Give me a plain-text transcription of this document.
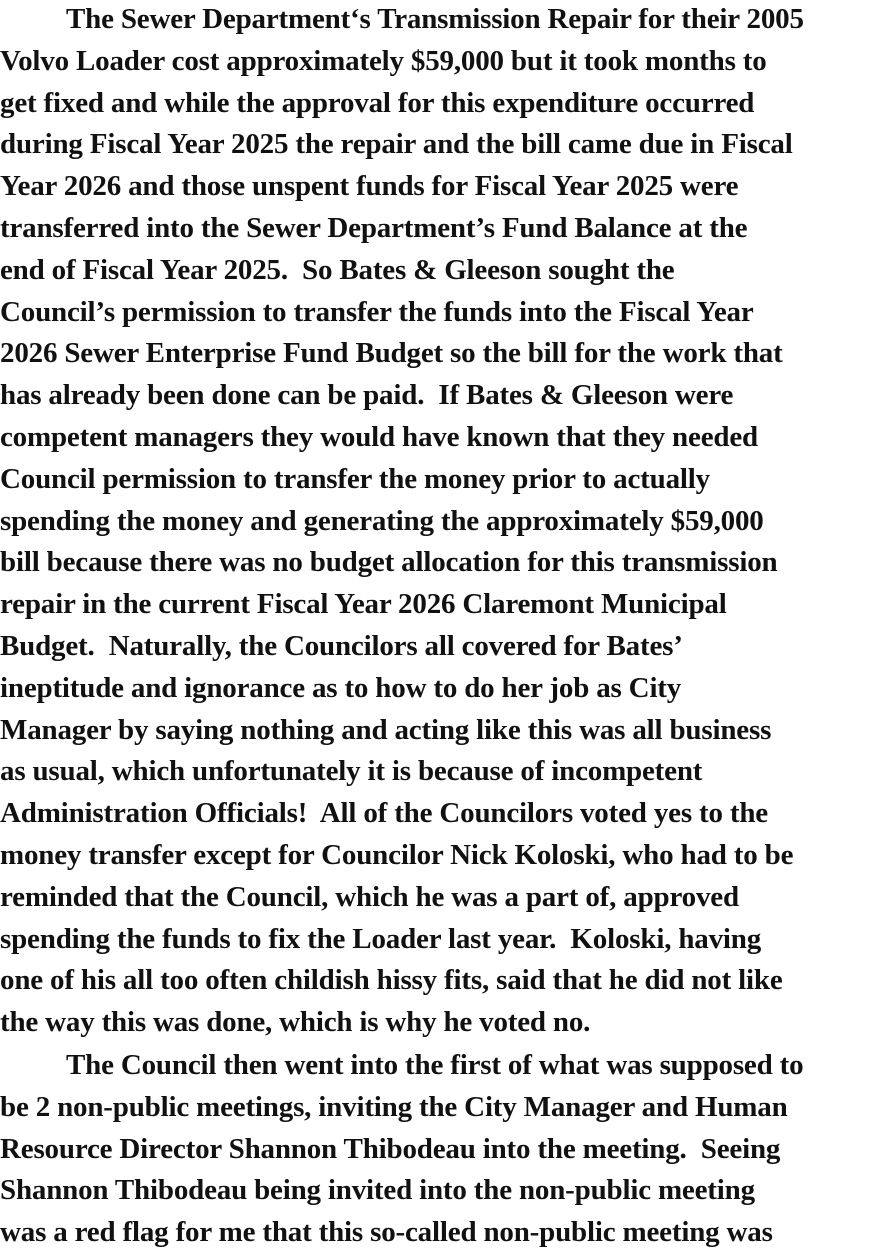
The Sewer Department‘s Transmission Repair for their 2005
Volvo Loader cost approximately $59,000 but it took months to
get fixed and while the approval for this expenditure occurred
during Fiscal Year 2025 the repair and the bill came due in Fiscal
Year 2026 and those unspent funds for Fiscal Year 2025 were
transferred into the Sewer Department’s Fund Balance at the
end of Fiscal Year 2025.  So Bates & Gleeson sought the
Council’s permission to transfer the funds into the Fiscal Year
2026 Sewer Enterprise Fund Budget so the bill for the work that
has already been done can be paid.  If Bates & Gleeson were
competent managers they would have known that they needed
Council permission to transfer the money prior to actually
spending the money and generating the approximately $59,000
bill because there was no budget allocation for this transmission
repair in the current Fiscal Year 2026 Claremont Municipal
Budget.  Naturally, the Councilors all covered for Bates’
ineptitude and ignorance as to how to do her job as City
Manager by saying nothing and acting like this was all business
as usual, which unfortunately it is because of incompetent
Administration Officials!  All of the Councilors voted yes to the
money transfer except for Councilor Nick Koloski, who had to be
reminded that the Council, which he was a part of, approved
spending the funds to fix the Loader last year.  Koloski, having
one of his all too often childish hissy fits, said that he did not like
the way this was done, which is why he voted no.
The Council then went into the first of what was supposed to
be 2 non-public meetings, inviting the City Manager and Human
Resource Director Shannon Thibodeau into the meeting.  Seeing
Shannon Thibodeau being invited into the non-public meeting
was a red flag for me that this so-called non-public meeting was
